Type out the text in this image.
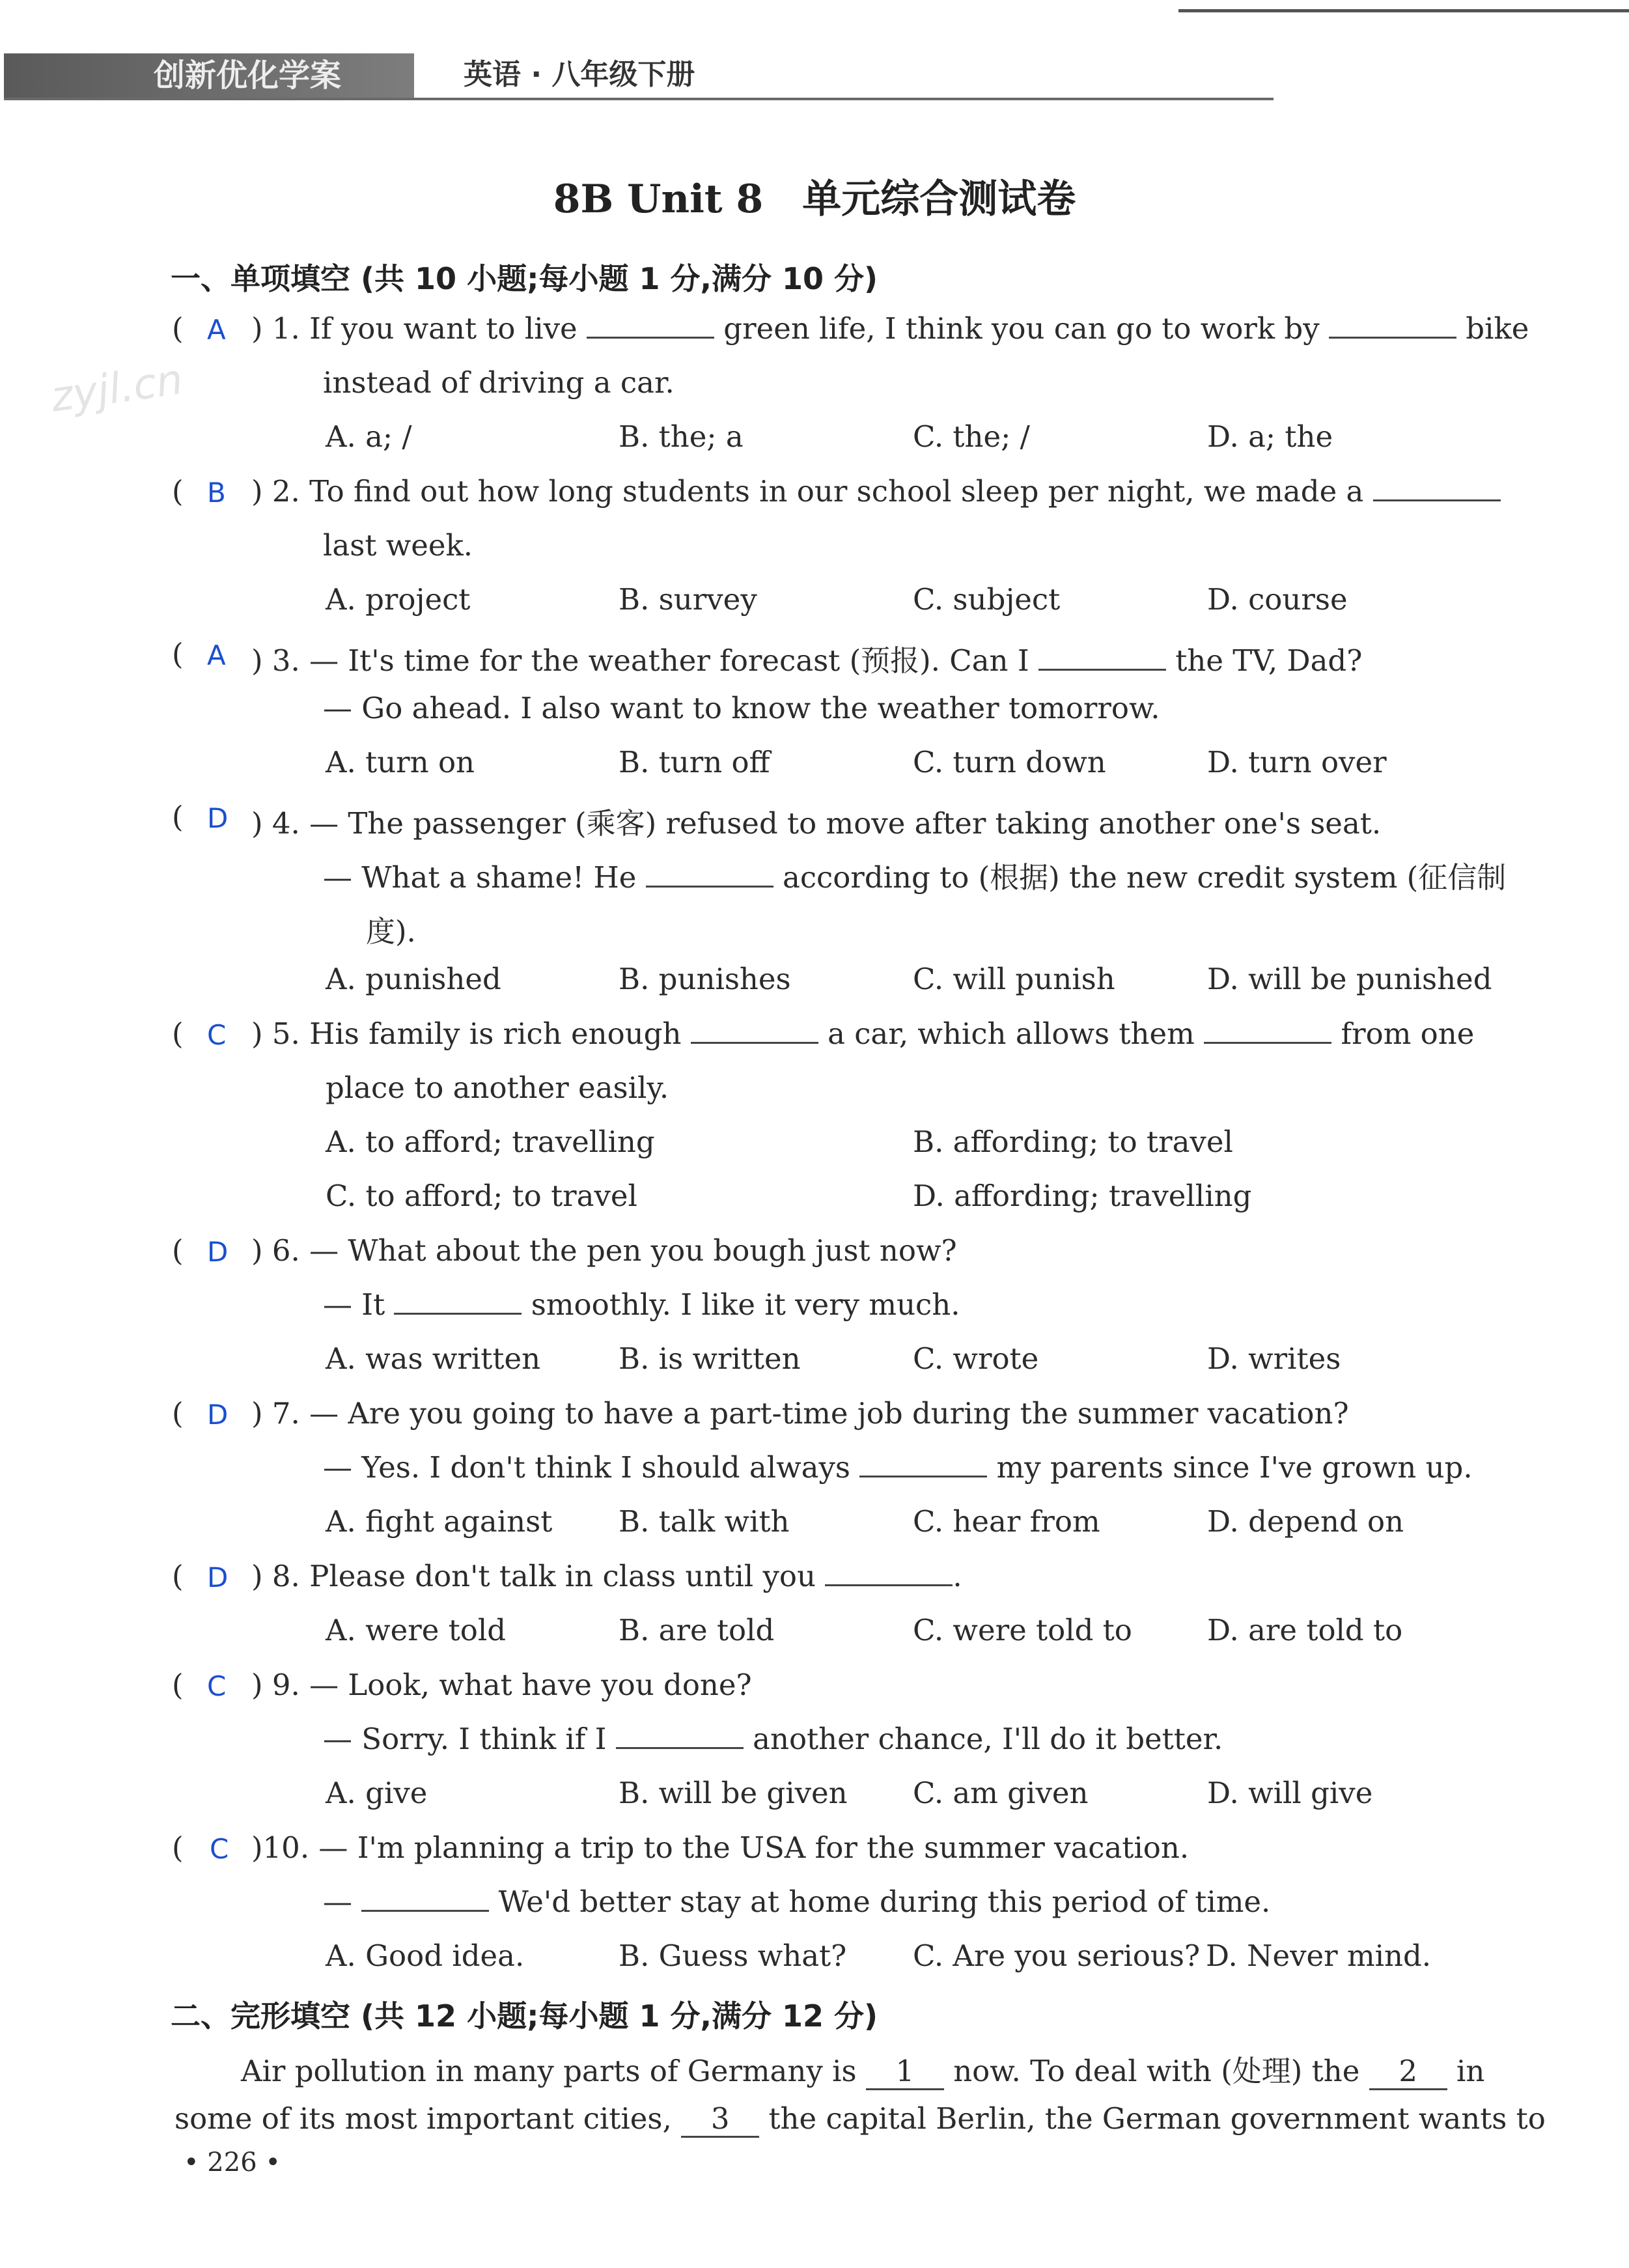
创新优化学案	英语 · 八年级下册
zyjl.cn
8B Unit 8　单元综合测试卷
一、单项填空 (共 10 小题;每小题 1 分,满分 10 分)
( A ) 1. If you want to live	green life, I think you can go to work by	bike
instead of driving a car.
A. a; /	B. the; a	C. the; /	D. a; the
( B ) 2. To find out how long students in our school sleep per night, we made a
last week.
A. project	B. survey	C. subject	D. course
( A ) 3. — It's time for the weather forecast (预报). Can I	the TV, Dad?
— Go ahead. I also want to know the weather tomorrow.
A. turn on	B. turn off	C. turn down	D. turn over
( D ) 4. — The passenger (乘客) refused to move after taking another one's seat.
— What a shame! He	according to (根据) the new credit system (征信制
度).
A. punished	B. punishes	C. will punish	D. will be punished
( C ) 5. His family is rich enough	a car, which allows them	from one
place to another easily.
A. to afford; travelling	B. affording; to travel
C. to afford; to travel	D. affording; travelling
( D ) 6. — What about the pen you bough just now?
— It	smoothly. I like it very much.
A. was written	B. is written	C. wrote	D. writes
( D ) 7. — Are you going to have a part-time job during the summer vacation?
— Yes. I don't think I should always	my parents since I've grown up.
A. fight against B. talk with	C. hear from	D. depend on
( D ) 8. Please don't talk in class until you	.
A. were told	B. are told	C. were told to	D. are told to
( C ) 9. — Look, what have you done?
— Sorry. I think if I	another chance, I'll do it better.
A. give	B. will be given C. am given	D. will give
( C )10. — I'm planning a trip to the USA for the summer vacation.
—	We'd better stay at home during this period of time.
A. Good idea.	B. Guess what? C. Are you serious? D. Never mind.
二、完形填空 (共 12 小题;每小题 1 分,满分 12 分)
Air pollution in many parts of Germany is 1 now. To deal with (处理) the 2 in
some of its most important cities, 3 the capital Berlin, the German government wants to
• 226 •
